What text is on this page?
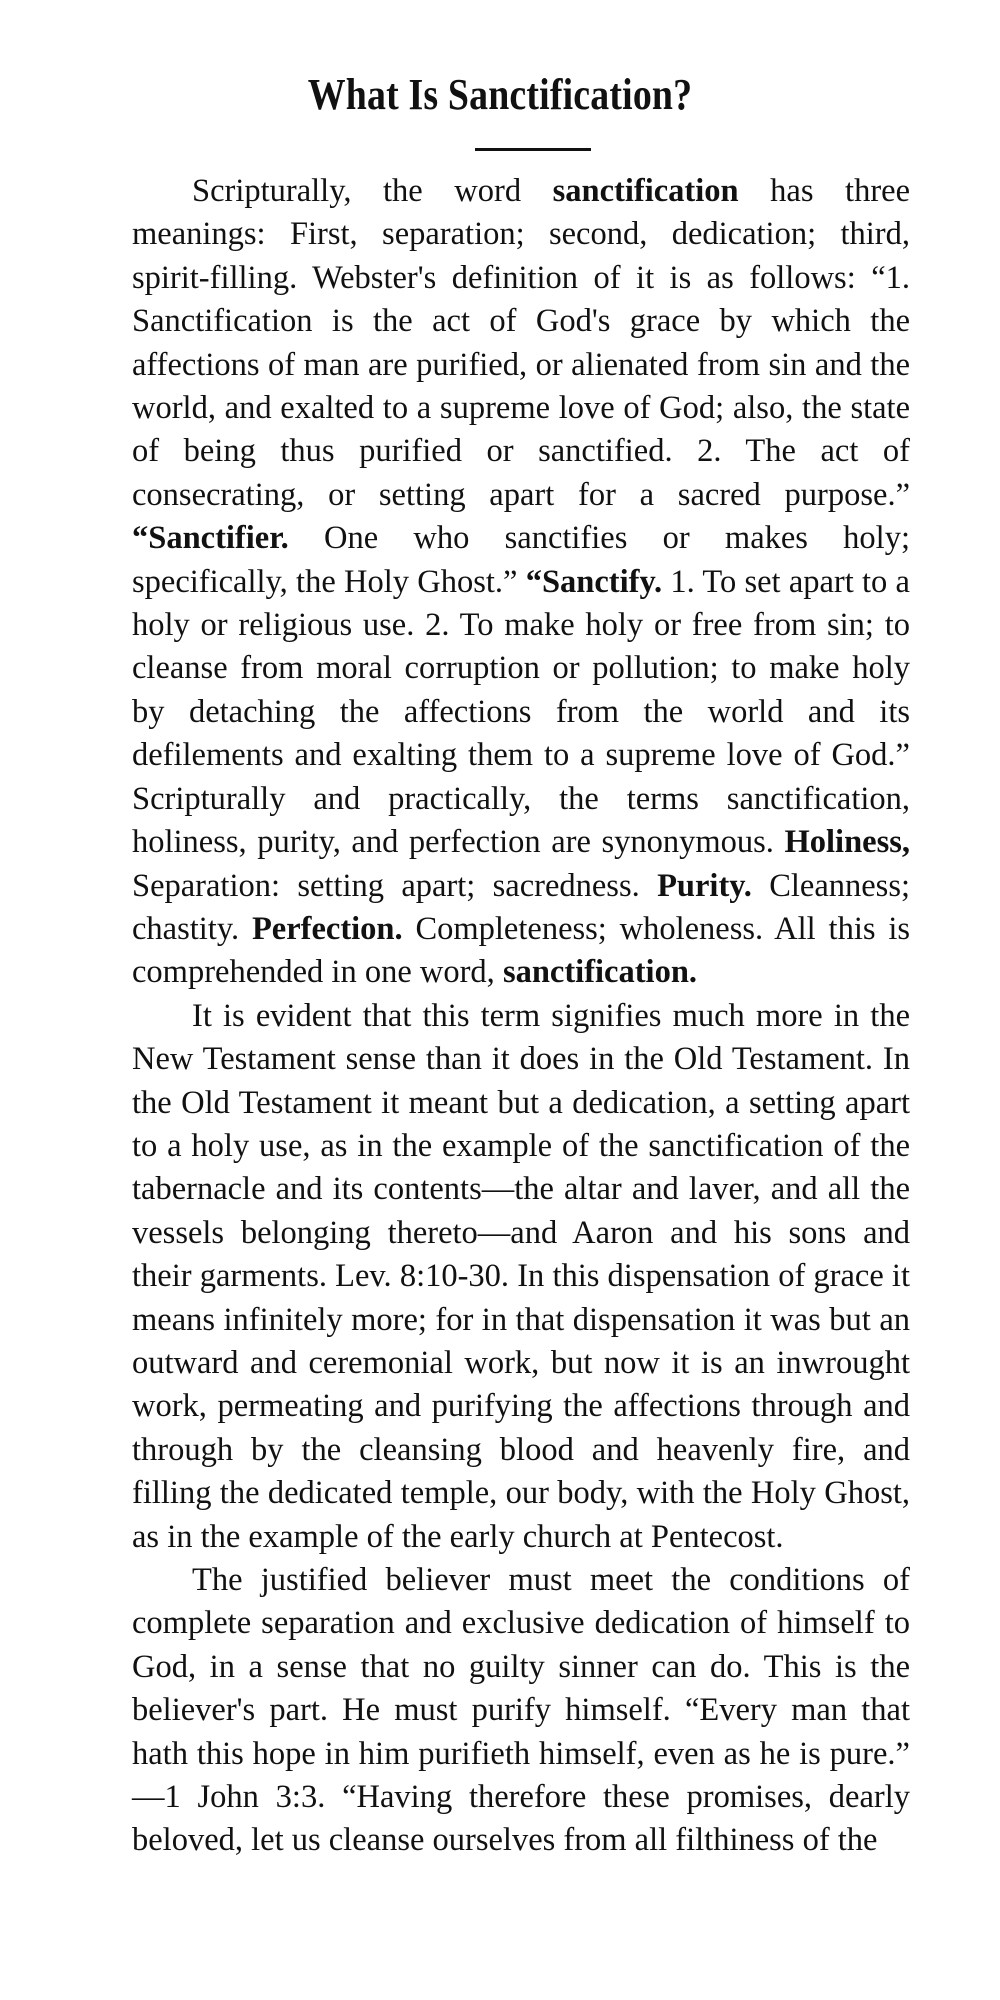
What Is Sanctification?

Scripturally, the word sanctification has three meanings: First, separation; second, dedication; third, spirit-filling. Webster's definition of it is as follows: “1. Sanctification is the act of God's grace by which the affections of man are purified, or alienated from sin and the world, and exalted to a supreme love of God; also, the state of being thus purified or sanctified. 2. The act of consecrating, or setting apart for a sacred purpose.” “Sanctifier. One who sanctifies or makes holy; specifically, the Holy Ghost.” “Sanctify. 1. To set apart to a holy or religious use. 2. To make holy or free from sin; to cleanse from moral corruption or pollution; to make holy by detaching the affections from the world and its defilements and exalting them to a supreme love of God.” Scripturally and practically, the terms sanctification, holiness, purity, and perfection are synonymous. Holiness, Separation: setting apart; sacredness. Purity. Cleanness; chastity. Perfection. Completeness; wholeness. All this is comprehended in one word, sanctification.

It is evident that this term signifies much more in the New Testament sense than it does in the Old Testament. In the Old Testament it meant but a dedication, a setting apart to a holy use, as in the example of the sanctification of the tabernacle and its contents—the altar and laver, and all the vessels belonging thereto—and Aaron and his sons and their garments. Lev. 8:10-30. In this dispensation of grace it means infinitely more; for in that dispensation it was but an outward and ceremonial work, but now it is an inwrought work, permeating and purifying the affections through and through by the cleansing blood and heavenly fire, and filling the dedicated temple, our body, with the Holy Ghost, as in the example of the early church at Pentecost.

The justified believer must meet the conditions of complete separation and exclusive dedication of himself to God, in a sense that no guilty sinner can do. This is the believer's part. He must purify himself. “Every man that hath this hope in him purifieth himself, even as he is pure.” —1 John 3:3. “Having therefore these promises, dearly beloved, let us cleanse ourselves from all filthiness of the
